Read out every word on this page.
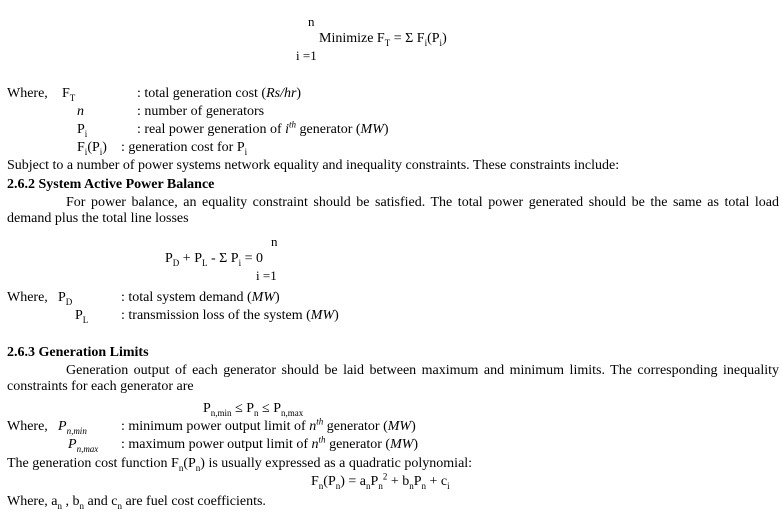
n
Minimize $F_T = \Sigma$ $F_i(P_i)$
i =1
Where, $F_T$	: total generation cost (Rs/hr)
n	: number of generators
$P_i$	: real power generation of $i^{th}$ generator (MW)
$F_i(P_i)$ : generation cost for $P_i$
Subject to a number of power systems network equality and inequality constraints. These constraints include:
2.6.2 System Active Power Balance
For power balance, an equality constraint should be satisfied. The total power generated should be the same as total load demand plus the total line losses
n
$P_D + P_L - \Sigma$ $P_i = 0$
i =1
Where, $P_D$	: total system demand (MW)
$P_L$ : transmission loss of the system (MW)
2.6.3 Generation Limits
Generation output of each generator should be laid between maximum and minimum limits. The corresponding inequality constraints for each generator are
$P_{n,min} \le P_n \le P_{n,max}$
Where, $P_{n,min}$ : minimum power output limit of $n^{th}$ generator (MW)
$P_{n,max}$ : maximum power output limit of $n^{th}$ generator (MW)
The generation cost function $F_n(P_n)$ is usually expressed as a quadratic polynomial:
$F_n(P_n) = a_nP_n^2 + b_nP_n + c_i$
Where, $a_n$ , $b_n$ and $c_n$ are fuel cost coefficients.
